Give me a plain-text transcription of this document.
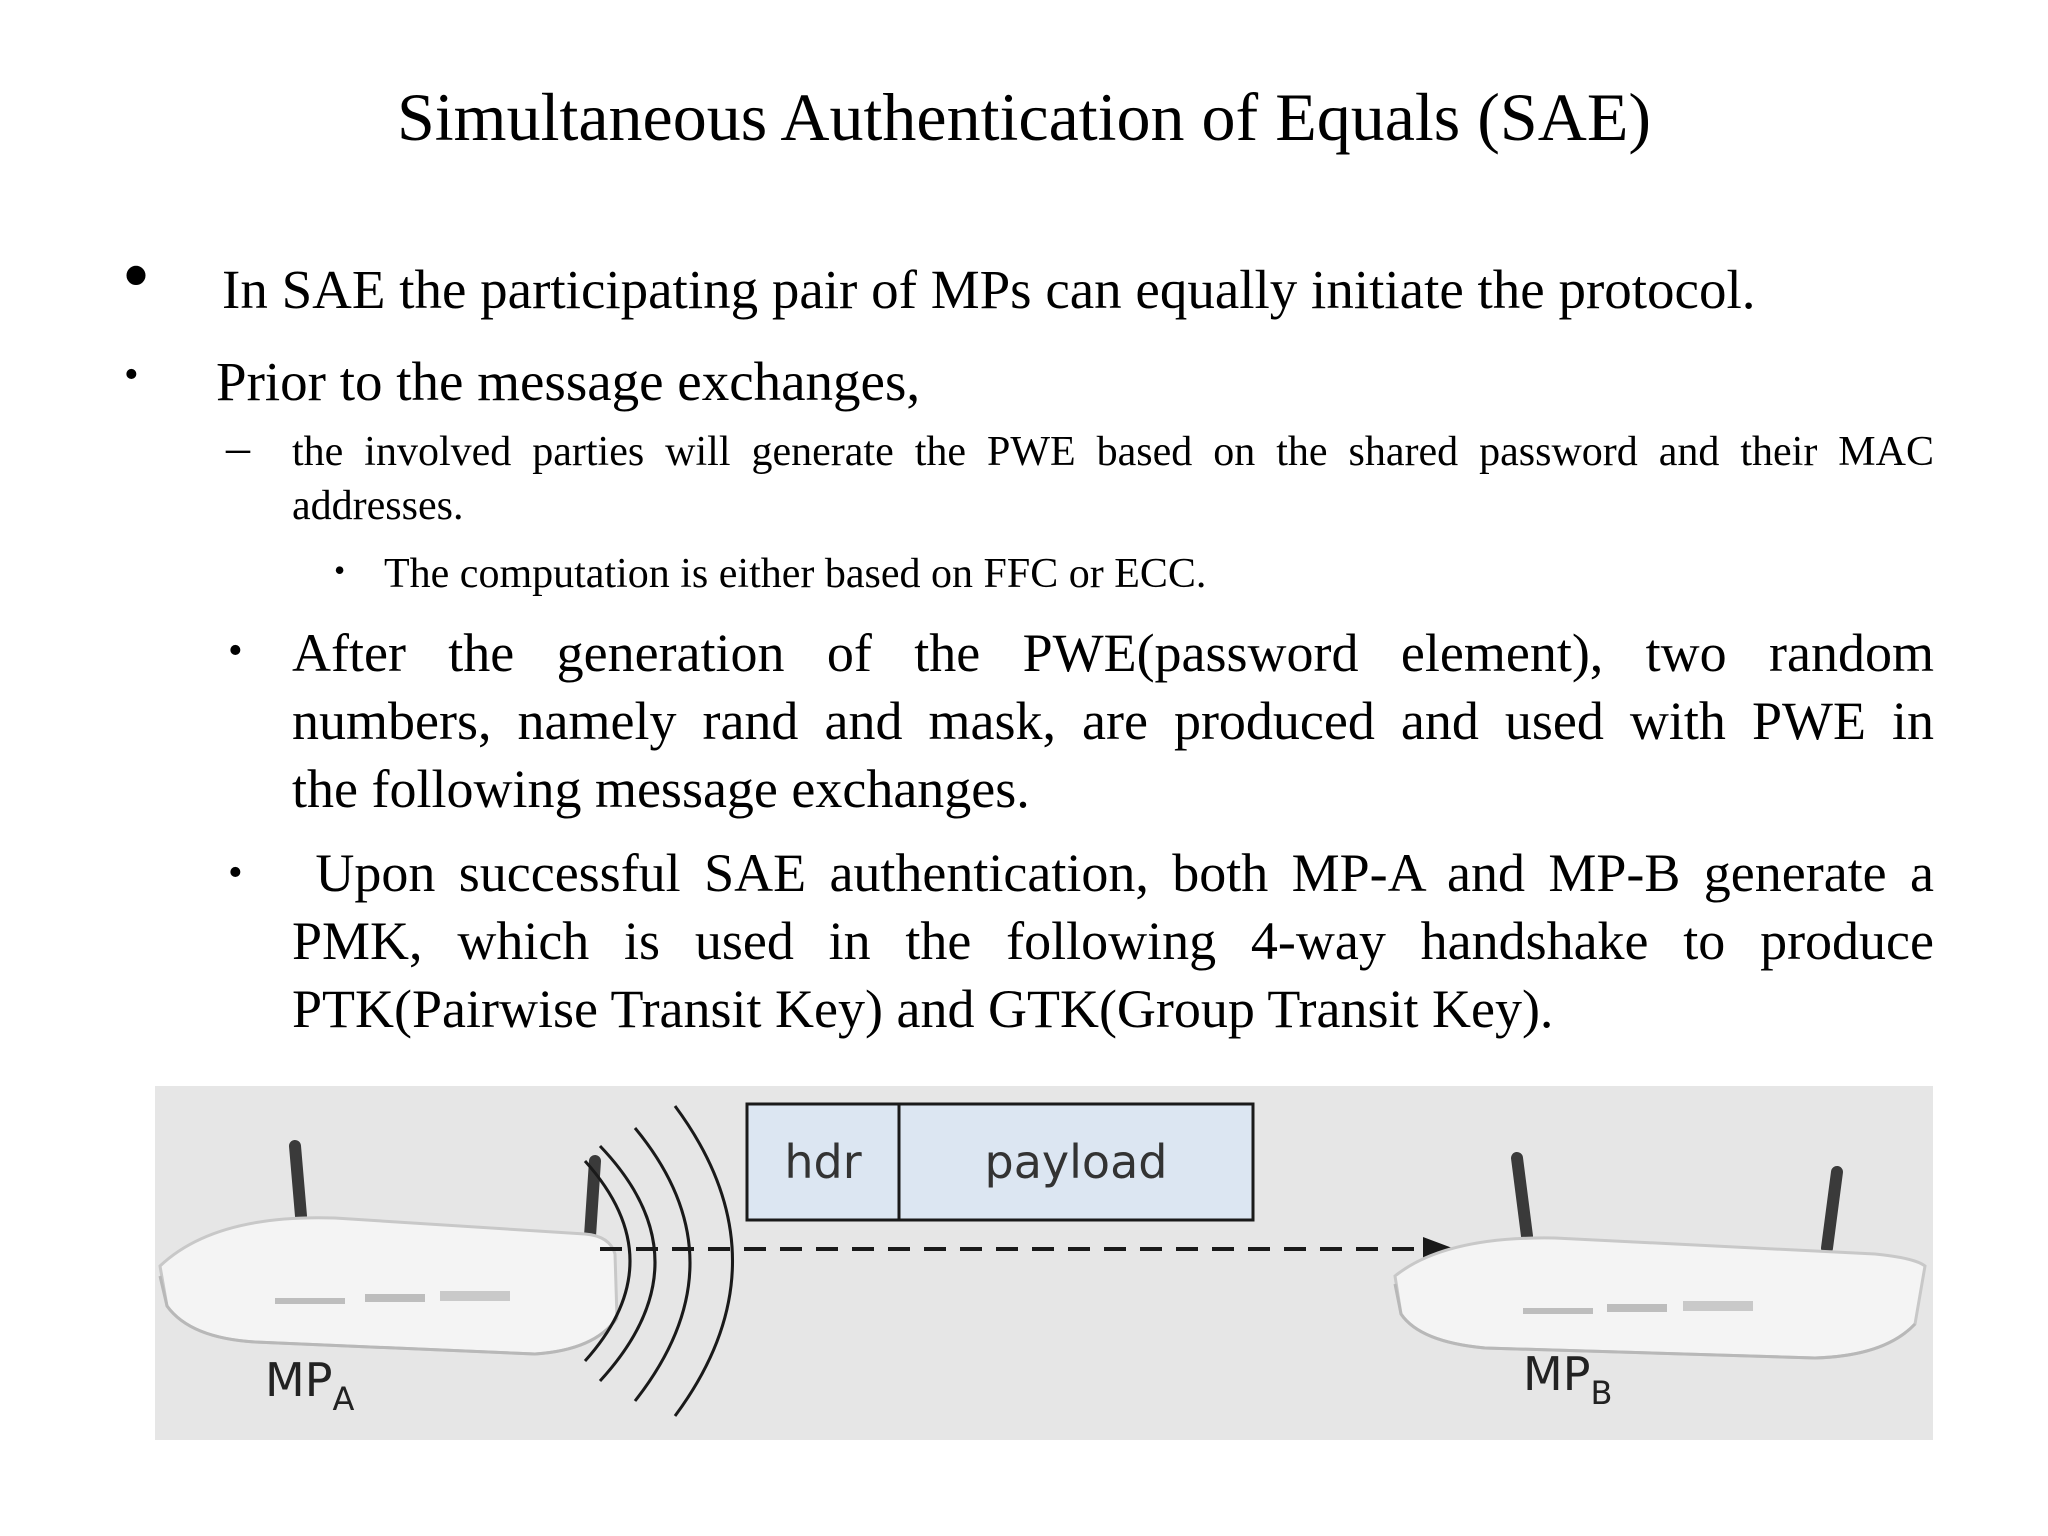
Simultaneous Authentication of Equals (SAE)
• In SAE the participating pair of MPs can equally initiate the protocol.
• Prior to the message exchanges,
– the involved parties will generate the PWE based on the shared password and their MAC
addresses.
• The computation is either based on FFC or ECC.
• After the generation of the PWE(password element), two random
numbers, namely rand and mask, are produced and used with PWE in
the following message exchanges.
• Upon successful SAE authentication, both MP-A and MP-B generate a
PMK, which is used in the following 4-way handshake to produce
PTK(Pairwise Transit Key) and GTK(Group Transit Key).
$MP_A$
hdr	payload
$MP_B$
